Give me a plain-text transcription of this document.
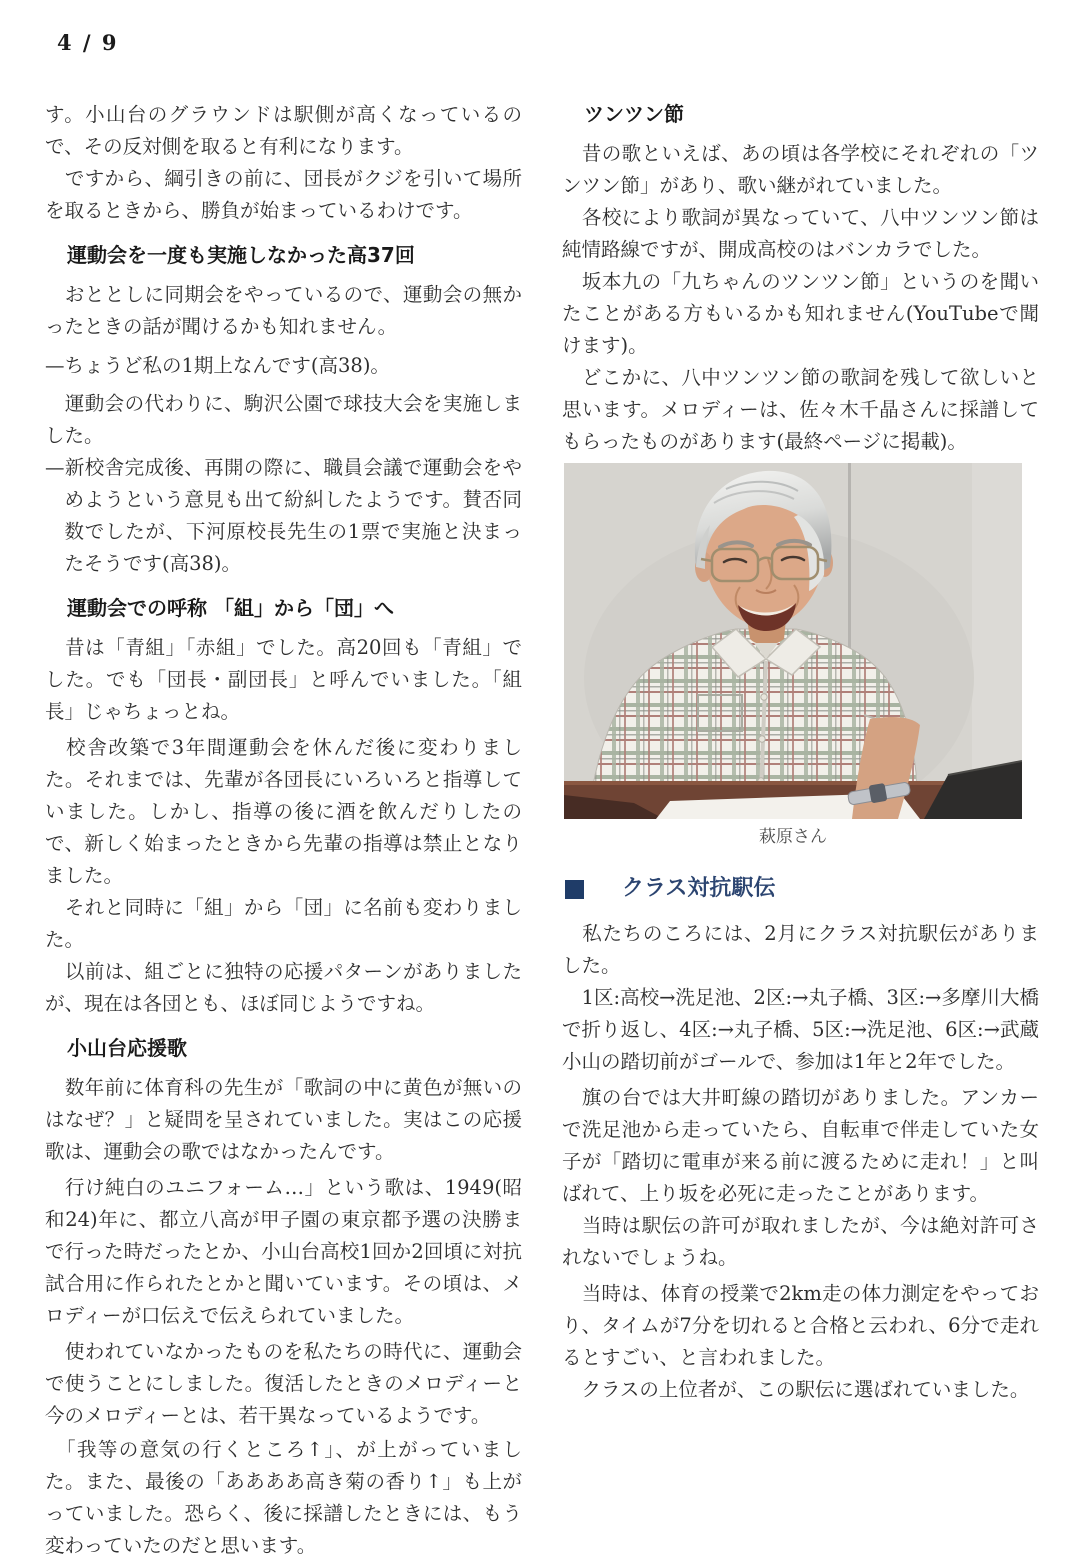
4 / 9

す。小山台のグラウンドは駅側が高くなっているので、その反対側を取ると有利になります。

　ですから、綱引きの前に、団長がクジを引いて場所を取るときから、勝負が始まっているわけです。

運動会を一度も実施しなかった高37回

　おととしに同期会をやっているので、運動会の無かったときの話が聞けるかも知れません。

—ちょうど私の1期上なんです(高38)。

　運動会の代わりに、駒沢公園で球技大会を実施しました。

—新校舎完成後、再開の際に、職員会議で運動会をやめようという意見も出て紛糾したようです。賛否同数でしたが、下河原校長先生の1票で実施と決まったそうです(高38)。

運動会での呼称 「組」から「団」へ

　昔は「青組」「赤組」でした。高20回も「青組」でした。でも「団長・副団長」と呼んでいました。「組長」じゃちょっとね。

　校舎改築で3年間運動会を休んだ後に変わりました。それまでは、先輩が各団長にいろいろと指導していました。しかし、指導の後に酒を飲んだりしたので、新しく始まったときから先輩の指導は禁止となりました。

　それと同時に「組」から「団」に名前も変わりました。

　以前は、組ごとに独特の応援パターンがありましたが、現在は各団とも、ほぼ同じようですね。

小山台応援歌

　数年前に体育科の先生が「歌詞の中に黄色が無いのはなぜ？」と疑問を呈されていました。実はこの応援歌は、運動会の歌ではなかったんです。

　行け純白のユニフォーム…」という歌は、1949(昭和24)年に、都立八高が甲子園の東京都予選の決勝まで行った時だったとか、小山台高校1回か2回頃に対抗試合用に作られたとかと聞いています。その頃は、メロディーが口伝えで伝えられていました。

　使われていなかったものを私たちの時代に、運動会で使うことにしました。復活したときのメロディーと今のメロディーとは、若干異なっているようです。

　「我等の意気の行くところ↑」、が上がっていました。また、最後の「ああああ高き菊の香り↑」も上がっていました。恐らく、後に採譜したときには、もう変わっていたのだと思います。

ツンツン節

　昔の歌といえば、あの頃は各学校にそれぞれの「ツンツン節」があり、歌い継がれていました。

　各校により歌詞が異なっていて、八中ツンツン節は純情路線ですが、開成高校のはバンカラでした。

　坂本九の「九ちゃんのツンツン節」というのを聞いたことがある方もいるかも知れません(YouTubeで聞けます)。

　どこかに、八中ツンツン節の歌詞を残して欲しいと思います。メロディーは、佐々木千晶さんに採譜してもらったものがあります(最終ページに掲載)。

萩原さん
クラス対抗駅伝

　私たちのころには、2月にクラス対抗駅伝がありました。

　1区:高校→洗足池、2区:→丸子橋、3区:→多摩川大橋で折り返し、4区:→丸子橋、5区:→洗足池、6区:→武蔵小山の踏切前がゴールで、参加は1年と2年でした。

　旗の台では大井町線の踏切がありました。アンカーで洗足池から走っていたら、自転車で伴走していた女子が「踏切に電車が来る前に渡るために走れ！」と叫ばれて、上り坂を必死に走ったことがあります。

　当時は駅伝の許可が取れましたが、今は絶対許可されないでしょうね。

　当時は、体育の授業で2km走の体力測定をやっており、タイムが7分を切れると合格と云われ、6分で走れるとすごい、と言われました。

　クラスの上位者が、この駅伝に選ばれていました。
